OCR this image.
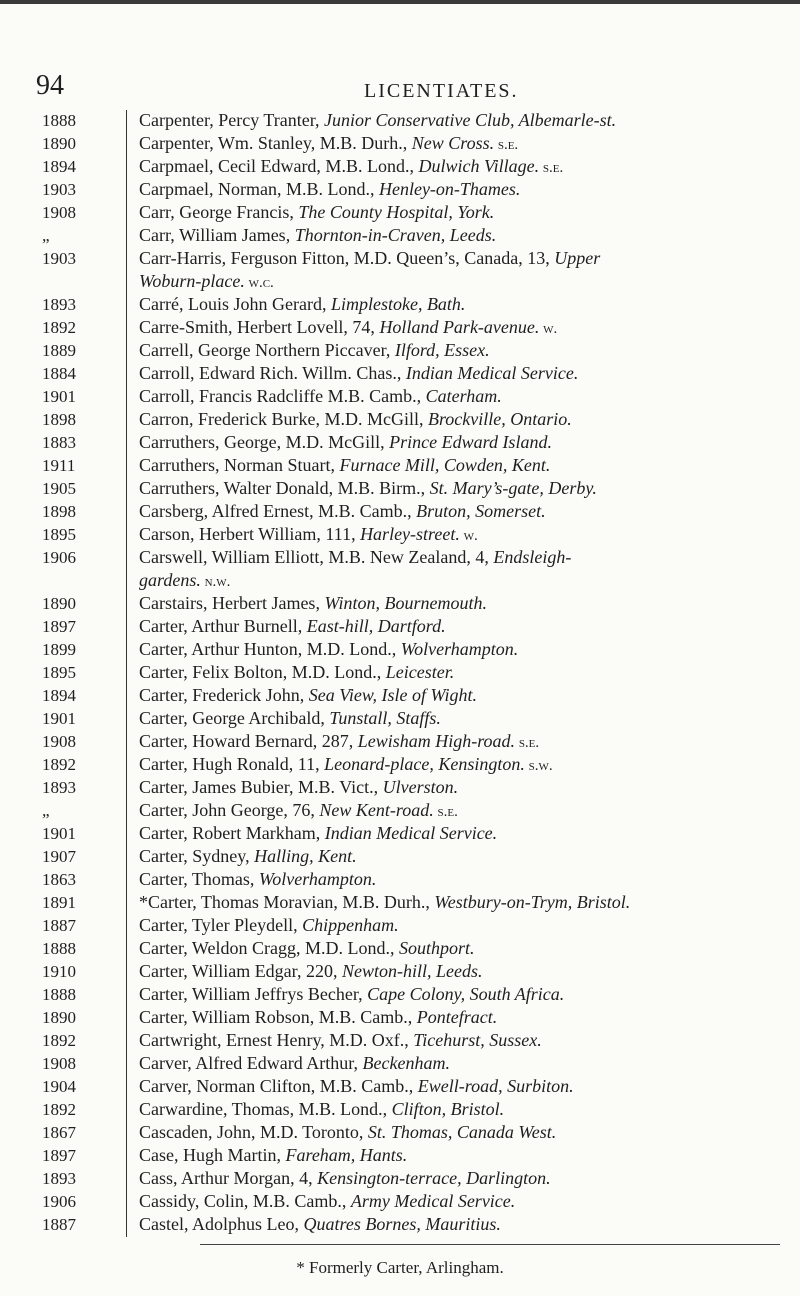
94	LICENTIATES.
1888	Carpenter, Percy Tranter, Junior Conservative Club, Albemarle-st.
1890	Carpenter, Wm. Stanley, M.B. Durh., New Cross. s.e.
1894	Carpmael, Cecil Edward, M.B. Lond., Dulwich Village. s.e.
1903	Carpmael, Norman, M.B. Lond., Henley-on-Thames.
1908	Carr, George Francis, The County Hospital, York.
„	Carr, William James, Thornton-in-Craven, Leeds.
1903	Carr-Harris, Ferguson Fitton, M.D. Queen’s, Canada, 13, Upper
Woburn-place. w.c.
1893	Carré, Louis John Gerard, Limplestoke, Bath.
1892	Carre-Smith, Herbert Lovell, 74, Holland Park-avenue. w.
1889	Carrell, George Northern Piccaver, Ilford, Essex.
1884	Carroll, Edward Rich. Willm. Chas., Indian Medical Service.
1901	Carroll, Francis Radcliffe M.B. Camb., Caterham.
1898	Carron, Frederick Burke, M.D. McGill, Brockville, Ontario.
1883	Carruthers, George, M.D. McGill, Prince Edward Island.
1911	Carruthers, Norman Stuart, Furnace Mill, Cowden, Kent.
1905	Carruthers, Walter Donald, M.B. Birm., St. Mary’s-gate, Derby.
1898	Carsberg, Alfred Ernest, M.B. Camb., Bruton, Somerset.
1895	Carson, Herbert William, 111, Harley-street. w.
1906	Carswell, William Elliott, M.B. New Zealand, 4, Endsleigh-
gardens. n.w.
1890	Carstairs, Herbert James, Winton, Bournemouth.
1897	Carter, Arthur Burnell, East-hill, Dartford.
1899	Carter, Arthur Hunton, M.D. Lond., Wolverhampton.
1895	Carter, Felix Bolton, M.D. Lond., Leicester.
1894	Carter, Frederick John, Sea View, Isle of Wight.
1901	Carter, George Archibald, Tunstall, Staffs.
1908	Carter, Howard Bernard, 287, Lewisham High-road. s.e.
1892	Carter, Hugh Ronald, 11, Leonard-place, Kensington. s.w.
1893	Carter, James Bubier, M.B. Vict., Ulverston.
„	Carter, John George, 76, New Kent-road. s.e.
1901	Carter, Robert Markham, Indian Medical Service.
1907	Carter, Sydney, Halling, Kent.
1863	Carter, Thomas, Wolverhampton.
1891	*Carter, Thomas Moravian, M.B. Durh., Westbury-on-Trym, Bristol.
1887	Carter, Tyler Pleydell, Chippenham.
1888	Carter, Weldon Cragg, M.D. Lond., Southport.
1910	Carter, William Edgar, 220, Newton-hill, Leeds.
1888	Carter, William Jeffrys Becher, Cape Colony, South Africa.
1890	Carter, William Robson, M.B. Camb., Pontefract.
1892	Cartwright, Ernest Henry, M.D. Oxf., Ticehurst, Sussex.
1908	Carver, Alfred Edward Arthur, Beckenham.
1904	Carver, Norman Clifton, M.B. Camb., Ewell-road, Surbiton.
1892	Carwardine, Thomas, M.B. Lond., Clifton, Bristol.
1867	Cascaden, John, M.D. Toronto, St. Thomas, Canada West.
1897	Case, Hugh Martin, Fareham, Hants.
1893	Cass, Arthur Morgan, 4, Kensington-terrace, Darlington.
1906	Cassidy, Colin, M.B. Camb., Army Medical Service.
1887	Castel, Adolphus Leo, Quatres Bornes, Mauritius.
* Formerly Carter, Arlingham.
